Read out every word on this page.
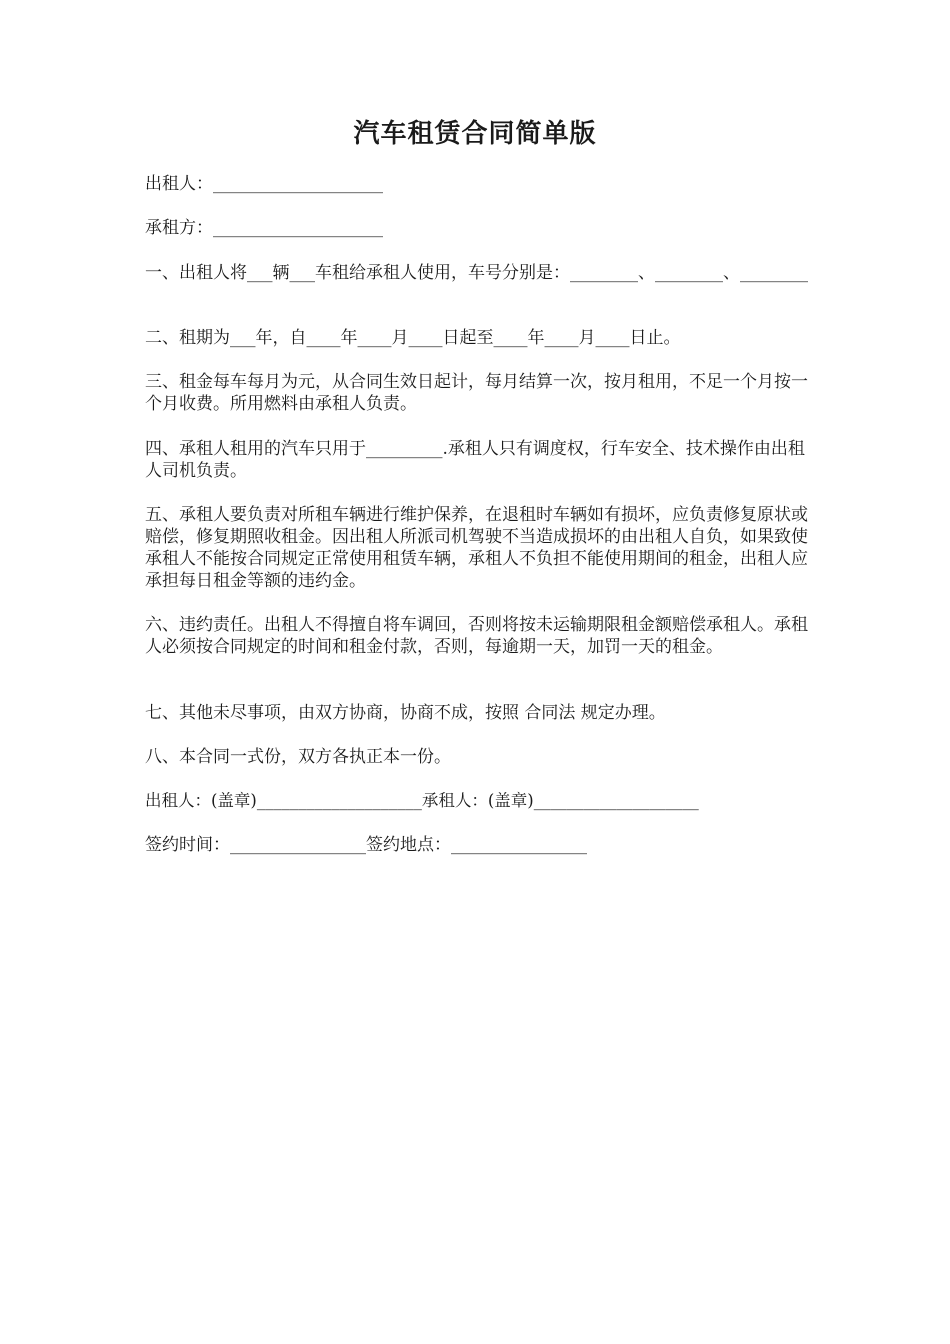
汽车租赁合同简单版
出租人：____________________
承租方：____________________
一、出租人将___辆___车租给承租人使用，车号分别是：________、________、________
二、租期为___年，自____年____月____日起至____年____月____日止。
三、租金每车每月为元，从合同生效日起计，每月结算一次，按月租用，不足一个月按一个月收费。所用燃料由承租人负责。
四、承租人租用的汽车只用于_________.承租人只有调度权，行车安全、技术操作由出租人司机负责。
五、承租人要负责对所租车辆进行维护保养，在退租时车辆如有损坏，应负责修复原状或赔偿，修复期照收租金。因出租人所派司机驾驶不当造成损坏的由出租人自负，如果致使承租人不能按合同规定正常使用租赁车辆，承租人不负担不能使用期间的租金，出租人应承担每日租金等额的违约金。
六、违约责任。出租人不得擅自将车调回，否则将按未运输期限租金额赔偿承租人。承租人必须按合同规定的时间和租金付款，否则，每逾期一天，加罚一天的租金。
七、其他未尽事项，由双方协商，协商不成，按照 合同法 规定办理。
八、本合同一式份，双方各执正本一份。
出租人：(盖章)____________________承租人：(盖章)____________________
签约时间：________________签约地点：________________
